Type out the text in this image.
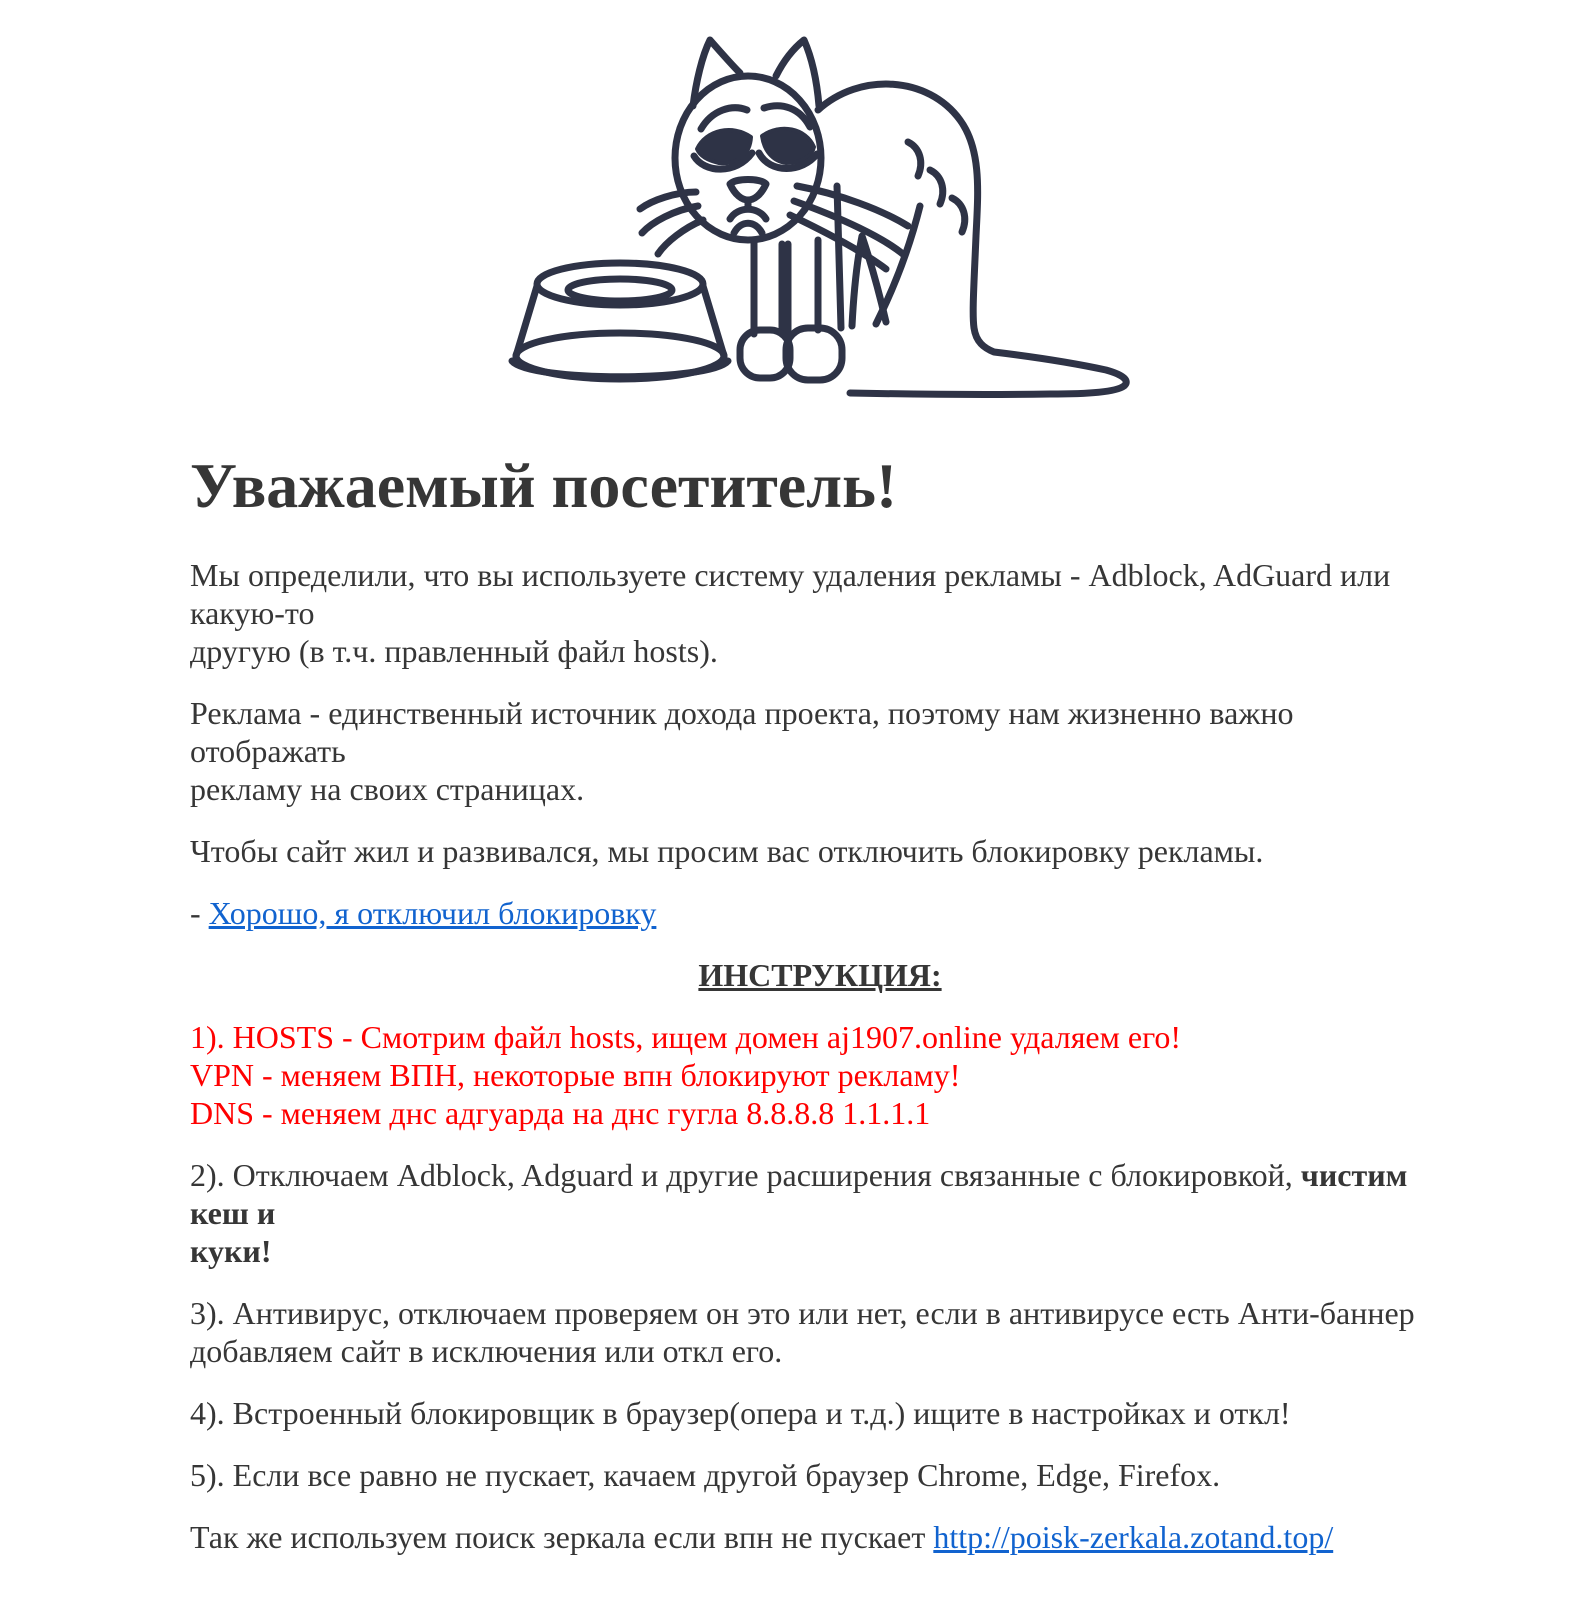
Уважаемый посетитель!

Мы определили, что вы используете систему удаления рекламы - Adblock, AdGuard или какую-то
другую (в т.ч. правленный файл hosts).

Реклама - единственный источник дохода проекта, поэтому нам жизненно важно отображать
рекламу на своих страницах.

Чтобы сайт жил и развивался, мы просим вас отключить блокировку рекламы.

- Хорошо, я отключил блокировку

ИНСТРУКЦИЯ:

1). HOSTS - Смотрим файл hosts, ищем домен aj1907.online удаляем его!
VPN - меняем ВПН, некоторые впн блокируют рекламу!
DNS - меняем днс адгуарда на днс гугла 8.8.8.8 1.1.1.1

2). Отключаем Adblock, Adguard и другие расширения связанные с блокировкой, чистим кеш и
куки!

3). Антивирус, отключаем проверяем он это или нет, если в антивирусе есть Анти-баннер
добавляем сайт в исключения или откл его.

4). Встроенный блокировщик в браузер(опера и т.д.) ищите в настройках и откл!

5). Если все равно не пускает, качаем другой браузер Chrome, Edge, Firefox.

Так же используем поиск зеркала если впн не пускает http://poisk-zerkala.zotand.top/
